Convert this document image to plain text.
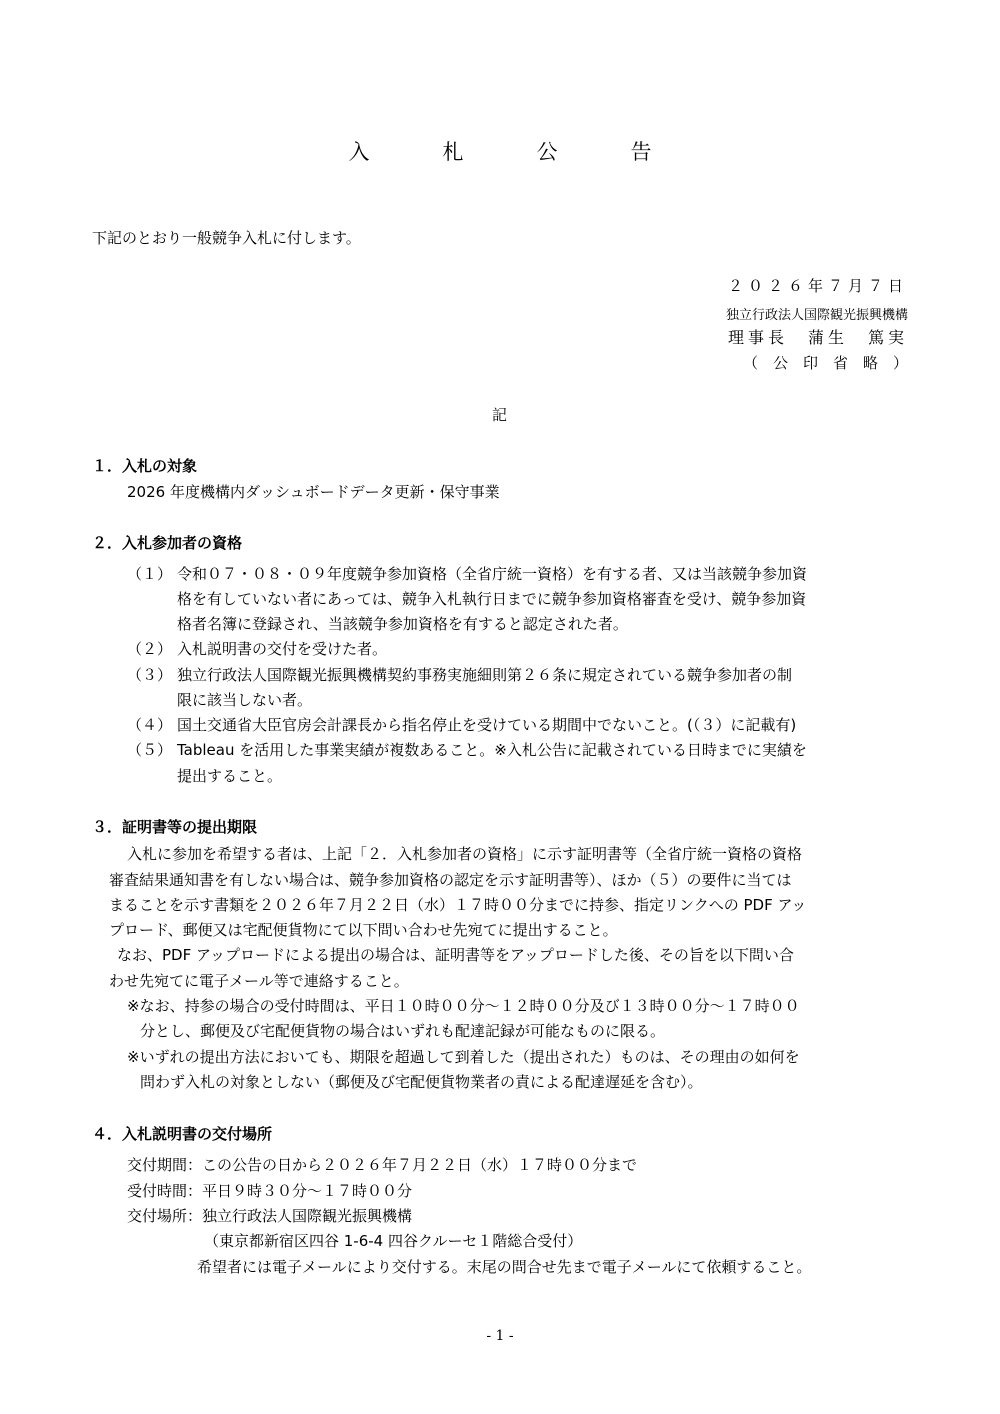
入　札　公　告
下記のとおり一般競争入札に付します。
２０２６年７月７日
独立行政法人国際観光振興機構
理事長　蒲生　篤実
（　公　印　省　略　）
記
１．入札の対象
2026 年度機構内ダッシュボードデータ更新・保守事業
２．入札参加者の資格
（１） 令和０７・０８・０９年度競争参加資格（全省庁統一資格）を有する者、又は当該競争参加資
格を有していない者にあっては、競争入札執行日までに競争参加資格審査を受け、競争参加資
格者名簿に登録され、当該競争参加資格を有すると認定された者。
（２） 入札説明書の交付を受けた者。
（３） 独立行政法人国際観光振興機構契約事務実施細則第２６条に規定されている競争参加者の制
限に該当しない者。
（４） 国土交通省大臣官房会計課長から指名停止を受けている期間中でないこと。(（３）に記載有)
（５） Tableau を活用した事業実績が複数あること。※入札公告に記載されている日時までに実績を
提出すること。
３．証明書等の提出期限
入札に参加を希望する者は、上記「２．入札参加者の資格」に示す証明書等（全省庁統一資格の資格
審査結果通知書を有しない場合は、競争参加資格の認定を示す証明書等）、ほか（５）の要件に当ては
まることを示す書類を２０２６年７月２２日（水）１７時００分までに持参、指定リンクへの PDF アッ
プロード、郵便又は宅配便貨物にて以下問い合わせ先宛てに提出すること。
なお、PDF アップロードによる提出の場合は、証明書等をアップロードした後、その旨を以下問い合
わせ先宛てに電子メール等で連絡すること。
※なお、持参の場合の受付時間は、平日１０時００分～１２時００分及び１３時００分～１７時００
分とし、郵便及び宅配便貨物の場合はいずれも配達記録が可能なものに限る。
※いずれの提出方法においても、期限を超過して到着した（提出された）ものは、その理由の如何を
問わず入札の対象としない（郵便及び宅配便貨物業者の責による配達遅延を含む）。
４．入札説明書の交付場所
交付期間：この公告の日から２０２６年７月２２日（水）１７時００分まで
受付時間：平日９時３０分～１７時００分
交付場所：独立行政法人国際観光振興機構
（東京都新宿区四谷 1-6-4 四谷クルーセ１階総合受付）
希望者には電子メールにより交付する。末尾の問合せ先まで電子メールにて依頼すること。
- 1 -
